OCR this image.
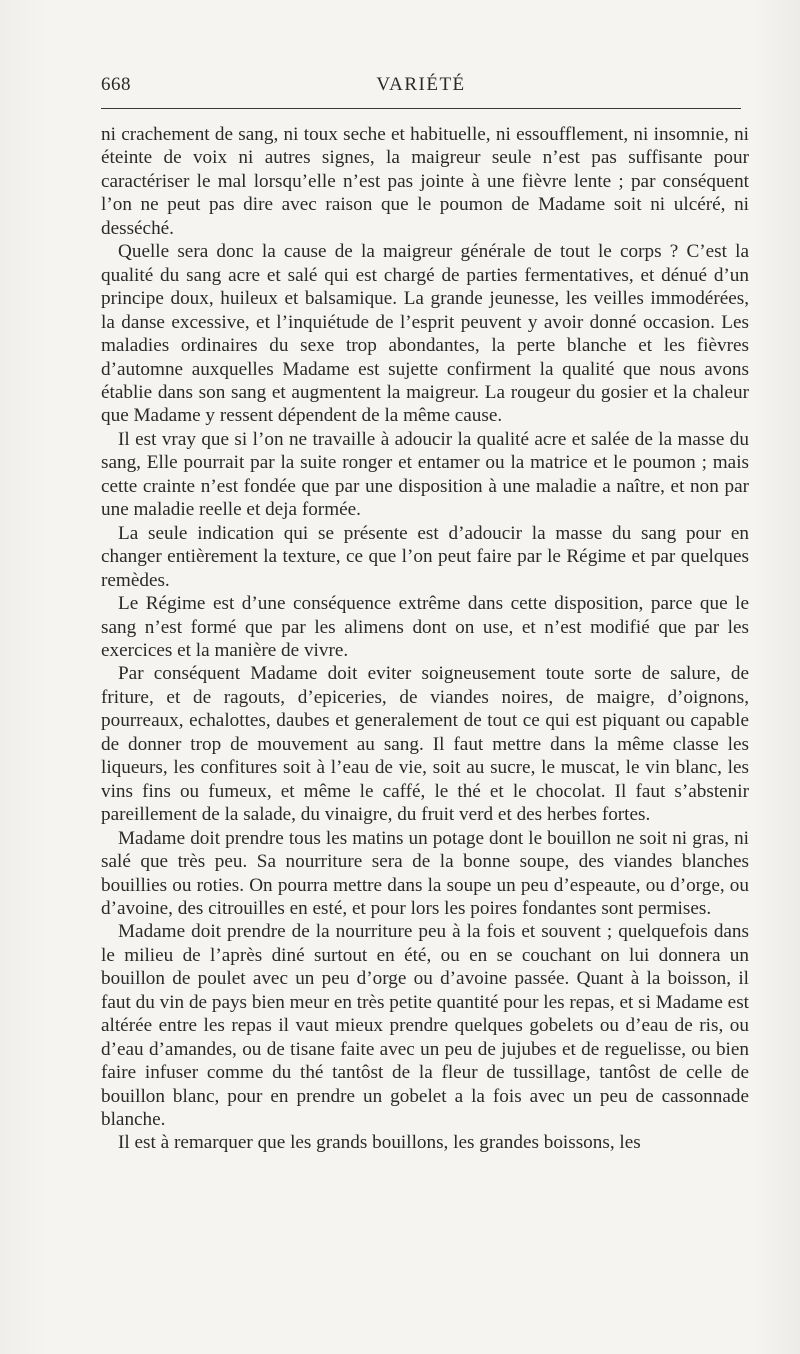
668	VARIÉTÉ

ni crachement de sang, ni toux seche et habituelle, ni essoufflement, ni insomnie, ni éteinte de voix ni autres signes, la maigreur seule n’est pas suffisante pour caractériser le mal lorsqu’elle n’est pas jointe à une fièvre lente ; par conséquent l’on ne peut pas dire avec raison que le poumon de Madame soit ni ulcéré, ni desséché.

Quelle sera donc la cause de la maigreur générale de tout le corps ? C’est la qualité du sang acre et salé qui est chargé de parties fermentatives, et dénué d’un principe doux, huileux et balsamique. La grande jeunesse, les veilles immodérées, la danse excessive, et l’inquiétude de l’esprit peuvent y avoir donné occasion. Les maladies ordinaires du sexe trop abondantes, la perte blanche et les fièvres d’automne auxquelles Madame est sujette confirment la qualité que nous avons établie dans son sang et augmentent la maigreur. La rougeur du gosier et la chaleur que Madame y ressent dépendent de la même cause.

Il est vray que si l’on ne travaille à adoucir la qualité acre et salée de la masse du sang, Elle pourrait par la suite ronger et entamer ou la matrice et le poumon ; mais cette crainte n’est fondée que par une disposition à une maladie a naître, et non par une maladie reelle et deja formée.

La seule indication qui se présente est d’adoucir la masse du sang pour en changer entièrement la texture, ce que l’on peut faire par le Régime et par quelques remèdes.

Le Régime est d’une conséquence extrême dans cette disposition, parce que le sang n’est formé que par les alimens dont on use, et n’est modifié que par les exercices et la manière de vivre.

Par conséquent Madame doit eviter soigneusement toute sorte de salure, de friture, et de ragouts, d’epiceries, de viandes noires, de maigre, d’oignons, pourreaux, echalottes, daubes et generalement de tout ce qui est piquant ou capable de donner trop de mouvement au sang. Il faut mettre dans la même classe les liqueurs, les confitures soit à l’eau de vie, soit au sucre, le muscat, le vin blanc, les vins fins ou fumeux, et même le caffé, le thé et le chocolat. Il faut s’abstenir pareillement de la salade, du vinaigre, du fruit verd et des herbes fortes.

Madame doit prendre tous les matins un potage dont le bouillon ne soit ni gras, ni salé que très peu. Sa nourriture sera de la bonne soupe, des viandes blanches bouillies ou roties. On pourra mettre dans la soupe un peu d’espeaute, ou d’orge, ou d’avoine, des citrouilles en esté, et pour lors les poires fondantes sont permises.

Madame doit prendre de la nourriture peu à la fois et souvent ; quelquefois dans le milieu de l’après diné surtout en été, ou en se couchant on lui donnera un bouillon de poulet avec un peu d’orge ou d’avoine passée. Quant à la boisson, il faut du vin de pays bien meur en très petite quantité pour les repas, et si Madame est altérée entre les repas il vaut mieux prendre quelques gobelets ou d’eau de ris, ou d’eau d’amandes, ou de tisane faite avec un peu de jujubes et de reguelisse, ou bien faire infuser comme du thé tantôst de la fleur de tussillage, tantôst de celle de bouillon blanc, pour en prendre un gobelet a la fois avec un peu de cassonnade blanche.

Il est à remarquer que les grands bouillons, les grandes boissons, les
